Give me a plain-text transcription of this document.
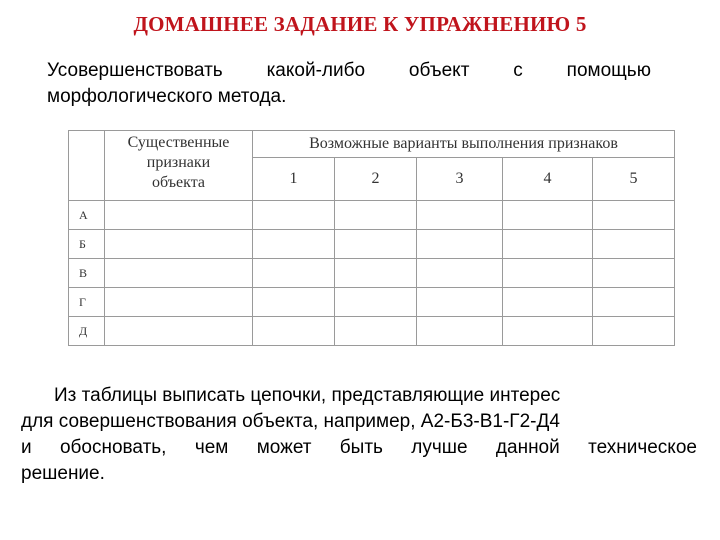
ДОМАШНЕЕ ЗАДАНИЕ К УПРАЖНЕНИЮ 5
Усовершенствовать какой-либо объект с помощью
морфологического метода.
	Существенные
признаки
объекта	Возможные варианты выполнения признаков				
		1	2	3	4	5
А						
Б						
В						
Г						
Д						
Из таблицы выписать цепочки, представляющие интерес
для совершенствования объекта, например, А2-Б3-В1-Г2-Д4
и обосновать, чем может быть лучше данной техническое
решение.
